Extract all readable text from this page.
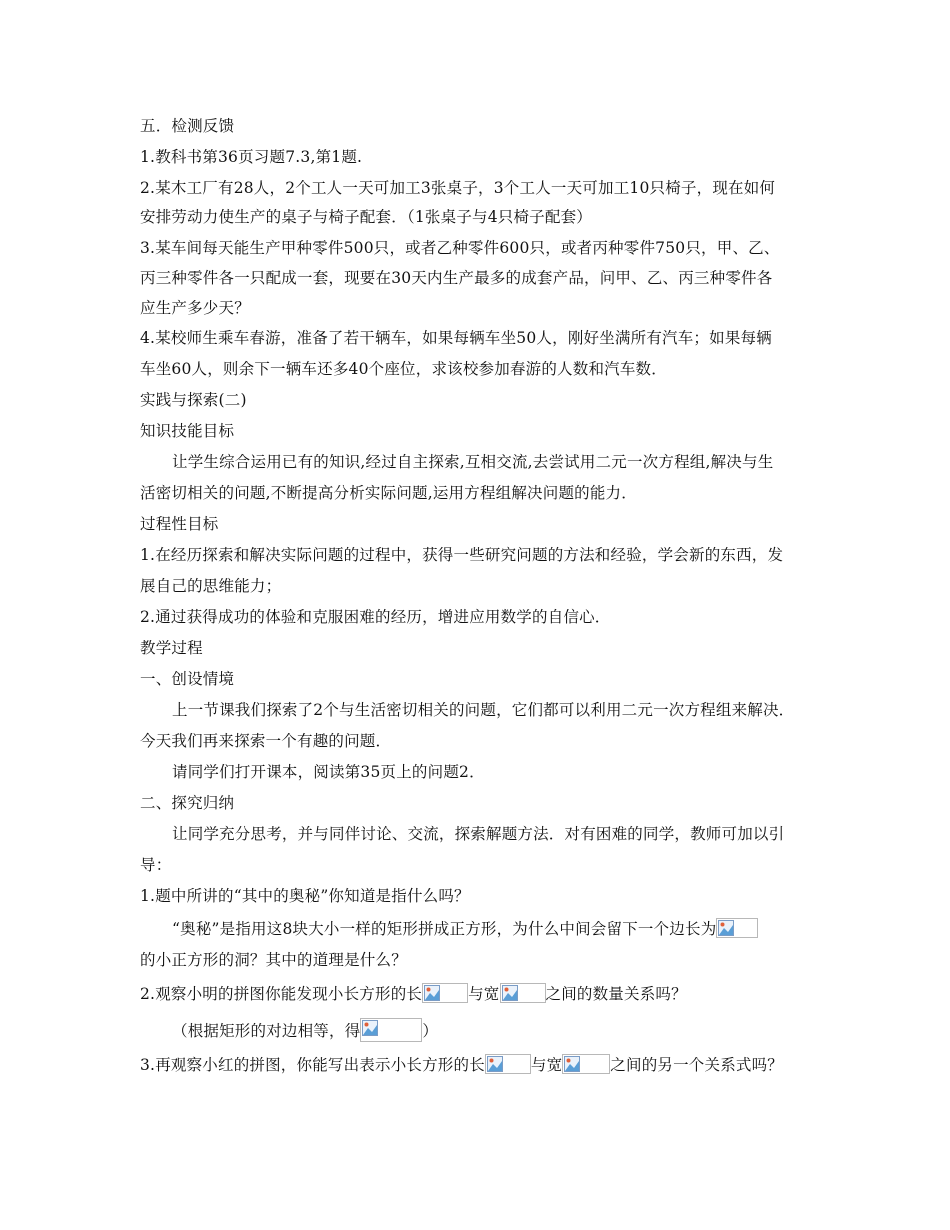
五．检测反馈
1.教科书第36页习题7.3,第1题.
2.某木工厂有28人，2个工人一天可加工3张桌子，3个工人一天可加工10只椅子，现在如何
安排劳动力使生产的桌子与椅子配套．（1张桌子与4只椅子配套）
3.某车间每天能生产甲种零件500只，或者乙种零件600只，或者丙种零件750只，甲、乙、
丙三种零件各一只配成一套，现要在30天内生产最多的成套产品，问甲、乙、丙三种零件各
应生产多少天？
4.某校师生乘车春游，准备了若干辆车，如果每辆车坐50人，刚好坐满所有汽车；如果每辆
车坐60人，则余下一辆车还多40个座位，求该校参加春游的人数和汽车数．
实践与探索(二)
知识技能目标
让学生综合运用已有的知识,经过自主探索,互相交流,去尝试用二元一次方程组,解决与生
活密切相关的问题,不断提高分析实际问题,运用方程组解决问题的能力．
过程性目标
1.在经历探索和解决实际问题的过程中，获得一些研究问题的方法和经验，学会新的东西，发
展自己的思维能力；
2.通过获得成功的体验和克服困难的经历，增进应用数学的自信心．
教学过程
一、创设情境
上一节课我们探索了2个与生活密切相关的问题，它们都可以利用二元一次方程组来解决．
今天我们再来探索一个有趣的问题．
请同学们打开课本，阅读第35页上的问题2．
二、探究归纳
让同学充分思考，并与同伴讨论、交流，探索解题方法．对有困难的同学，教师可加以引
导：
1.题中所讲的“其中的奥秘”你知道是指什么吗？
“奥秘”是指用这8块大小一样的矩形拼成正方形，为什么中间会留下一个边长为
的小正方形的洞？其中的道理是什么？
2.观察小明的拼图你能发现小长方形的长	与宽	之间的数量关系吗？
（根据矩形的对边相等，得	）
3.再观察小红的拼图，你能写出表示小长方形的长	与宽	之间的另一个关系式吗？
